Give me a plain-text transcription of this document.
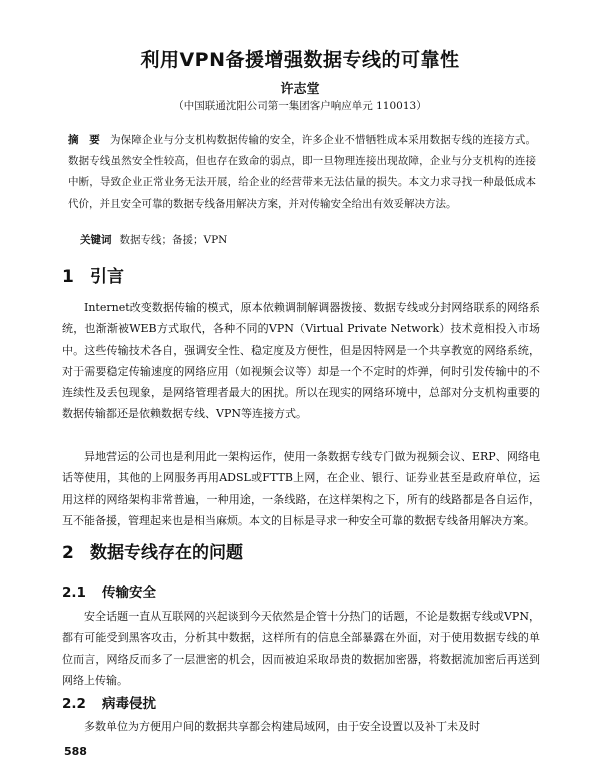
利用VPN备援增强数据专线的可靠性
许志堂
（中国联通沈阳公司第一集团客户响应单元 110013）
摘　要 为保障企业与分支机构数据传输的安全，许多企业不惜牺牲成本采用数据专线的连接方式。数据专线虽然安全性较高，但也存在致命的弱点，即一旦物理连接出现故障，企业与分支机构的连接中断，导致企业正常业务无法开展，给企业的经营带来无法估量的损失。本文力求寻找一种最低成本代价，并且安全可靠的数据专线备用解决方案，并对传输安全给出有效妥解决方法。
关键词 数据专线；备援；VPN
1 引言
Internet改变数据传输的模式，原本依赖调制解调器拨接、数据专线或分封网络联系的网络系统，也渐渐被WEB方式取代，各种不同的VPN（Virtual Private Network）技术竟相投入市场中。这些传输技术各自，强调安全性、稳定度及方便性，但是因特网是一个共享教宽的网络系统，对于需要稳定传输速度的网络应用（如视频会议等）却是一个不定时的炸弹，何时引发传输中的不连续性及丢包现象，是网络管理者最大的困扰。所以在现实的网络环境中，总部对分支机构重要的数据传输都还是依赖数据专线、VPN等连接方式。
异地营运的公司也是利用此一架构运作，使用一条数据专线专门做为视频会议、ERP、网络电话等使用，其他的上网服务再用ADSL或FTTB上网，在企业、银行、证券业甚至是政府单位，运用这样的网络架构非常普遍，一种用途，一条线路，在这样架构之下，所有的线路都是各自运作，互不能备援，管理起来也是相当麻烦。本文的目标是寻求一种安全可靠的数据专线备用解决方案。
2 数据专线存在的问题
2.1 传输安全
安全话题一直从互联网的兴起谈到今天依然是企管十分热门的话题，不论是数据专线或VPN，都有可能受到黑客攻击，分析其中数据，这样所有的信息全部暴露在外面，对于使用数据专线的单位而言，网络反而多了一层泄密的机会，因而被迫采取昂贵的数据加密器，将数据流加密后再送到网络上传输。
2.2 病毒侵扰
多数单位为方便用户间的数据共享都会构建局域网，由于安全设置以及补丁未及时
588
